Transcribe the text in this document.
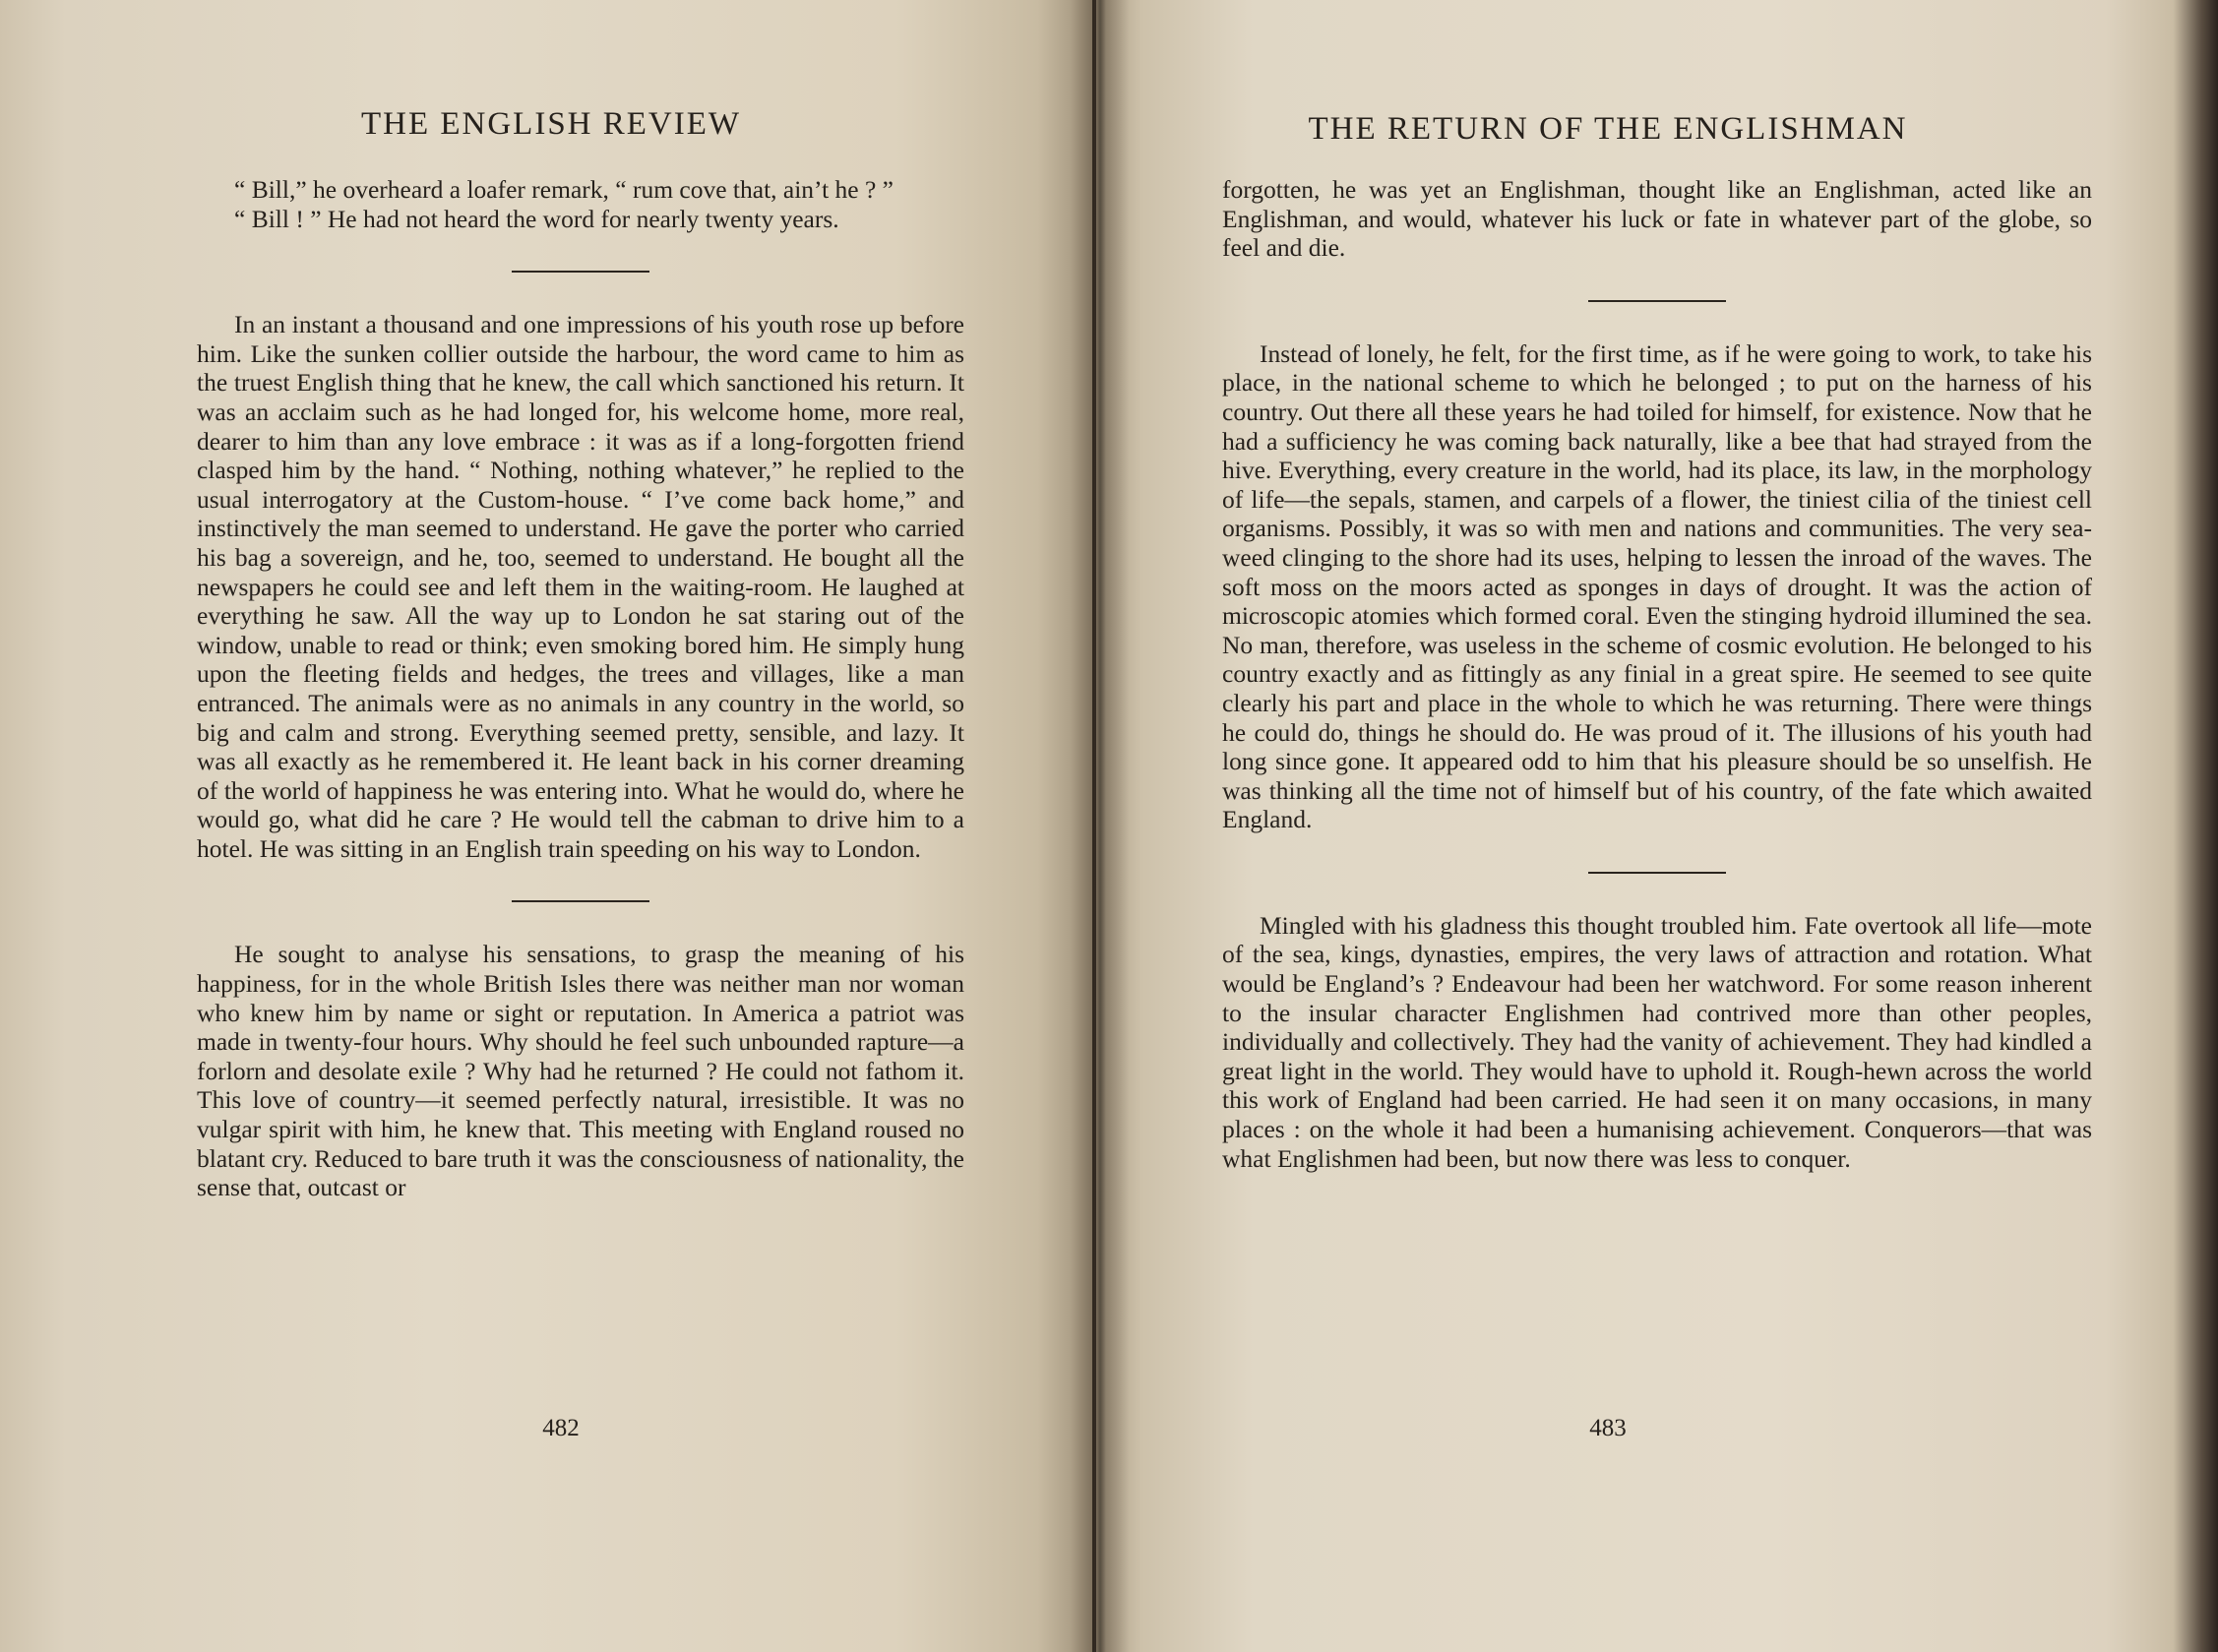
THE ENGLISH REVIEW

“ Bill,” he overheard a loafer remark, “ rum cove that, ain’t he ? ”

“ Bill ! ” He had not heard the word for nearly twenty years.

In an instant a thousand and one impressions of his youth rose up before him. Like the sunken collier outside the harbour, the word came to him as the truest English thing that he knew, the call which sanctioned his return. It was an acclaim such as he had longed for, his welcome home, more real, dearer to him than any love embrace : it was as if a long-forgotten friend clasped him by the hand. “ Nothing, nothing whatever,” he replied to the usual interrogatory at the Custom-house. “ I’ve come back home,” and instinctively the man seemed to understand. He gave the porter who carried his bag a sovereign, and he, too, seemed to understand. He bought all the newspapers he could see and left them in the waiting-room. He laughed at everything he saw. All the way up to London he sat staring out of the window, unable to read or think; even smoking bored him. He simply hung upon the fleeting fields and hedges, the trees and villages, like a man entranced. The animals were as no animals in any country in the world, so big and calm and strong. Everything seemed pretty, sensible, and lazy. It was all exactly as he remembered it. He leant back in his corner dreaming of the world of happiness he was entering into. What he would do, where he would go, what did he care ? He would tell the cabman to drive him to a hotel. He was sitting in an English train speeding on his way to London.

He sought to analyse his sensations, to grasp the meaning of his happiness, for in the whole British Isles there was neither man nor woman who knew him by name or sight or reputation. In America a patriot was made in twenty-four hours. Why should he feel such unbounded rapture—a forlorn and desolate exile ? Why had he returned ? He could not fathom it. This love of country—it seemed perfectly natural, irresistible. It was no vulgar spirit with him, he knew that. This meeting with England roused no blatant cry. Reduced to bare truth it was the consciousness of nationality, the sense that, outcast or

482
THE RETURN OF THE ENGLISHMAN

forgotten, he was yet an Englishman, thought like an Englishman, acted like an Englishman, and would, whatever his luck or fate in whatever part of the globe, so feel and die.

Instead of lonely, he felt, for the first time, as if he were going to work, to take his place, in the national scheme to which he belonged ; to put on the harness of his country. Out there all these years he had toiled for himself, for existence. Now that he had a sufficiency he was coming back naturally, like a bee that had strayed from the hive. Everything, every creature in the world, had its place, its law, in the morphology of life—the sepals, stamen, and carpels of a flower, the tiniest cilia of the tiniest cell organisms. Possibly, it was so with men and nations and communities. The very sea-weed clinging to the shore had its uses, helping to lessen the inroad of the waves. The soft moss on the moors acted as sponges in days of drought. It was the action of microscopic atomies which formed coral. Even the stinging hydroid illumined the sea. No man, therefore, was useless in the scheme of cosmic evolution. He belonged to his country exactly and as fittingly as any finial in a great spire. He seemed to see quite clearly his part and place in the whole to which he was returning. There were things he could do, things he should do. He was proud of it. The illusions of his youth had long since gone. It appeared odd to him that his pleasure should be so unselfish. He was thinking all the time not of himself but of his country, of the fate which awaited England.

Mingled with his gladness this thought troubled him. Fate overtook all life—mote of the sea, kings, dynasties, empires, the very laws of attraction and rotation. What would be England’s ? Endeavour had been her watchword. For some reason inherent to the insular character Englishmen had contrived more than other peoples, individually and collectively. They had the vanity of achievement. They had kindled a great light in the world. They would have to uphold it. Rough-hewn across the world this work of England had been carried. He had seen it on many occasions, in many places : on the whole it had been a humanising achievement. Conquerors—that was what Englishmen had been, but now there was less to conquer.

483
